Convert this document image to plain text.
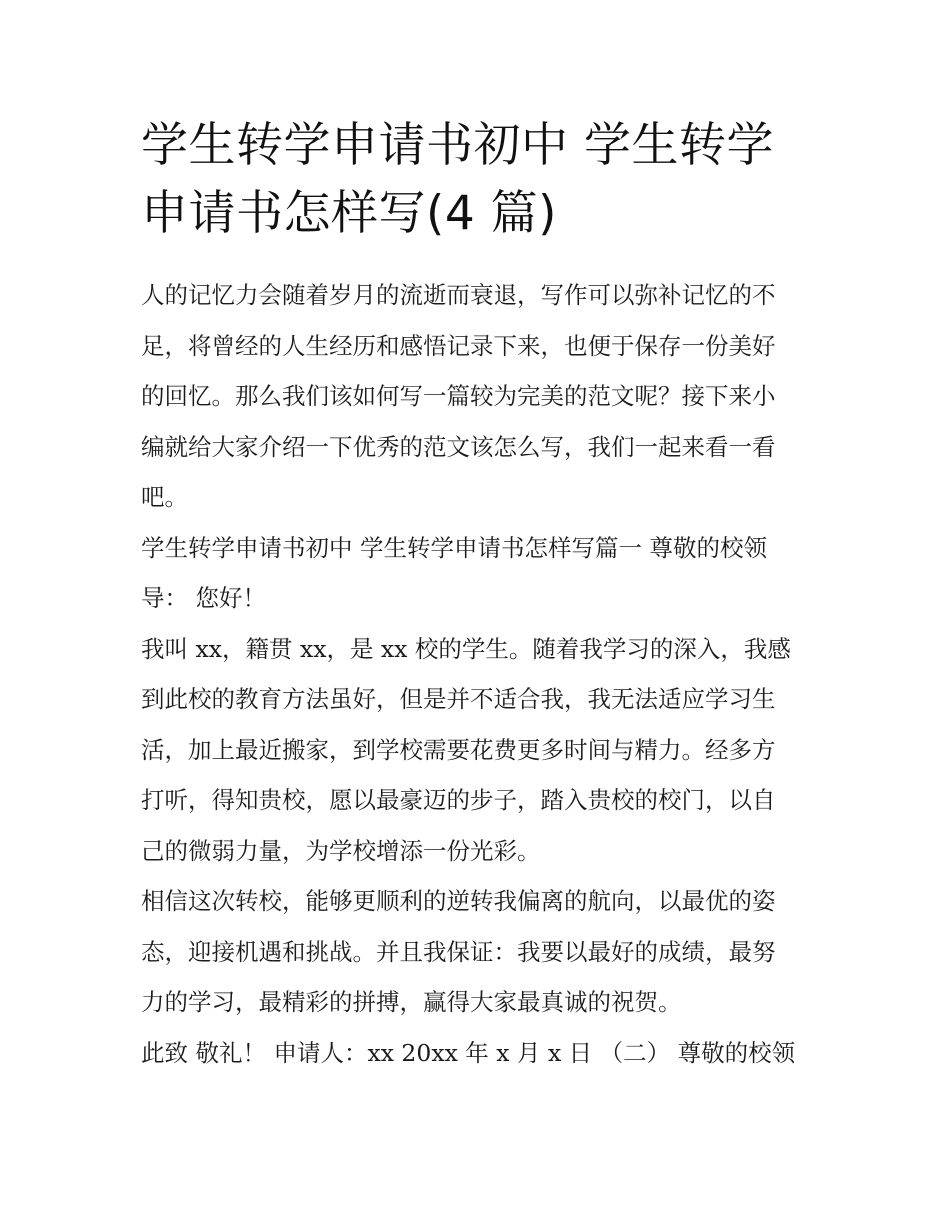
学生转学申请书初中 学生转学
申请书怎样写(4 篇)
人的记忆力会随着岁月的流逝而衰退，写作可以弥补记忆的不
足，将曾经的人生经历和感悟记录下来，也便于保存一份美好
的回忆。那么我们该如何写一篇较为完美的范文呢？接下来小
编就给大家介绍一下优秀的范文该怎么写，我们一起来看一看
吧。
学生转学申请书初中 学生转学申请书怎样写篇一 尊敬的校领
导： 您好！
我叫 xx，籍贯 xx，是 xx 校的学生。随着我学习的深入，我感
到此校的教育方法虽好，但是并不适合我，我无法适应学习生
活，加上最近搬家，到学校需要花费更多时间与精力。经多方
打听，得知贵校，愿以最豪迈的步子，踏入贵校的校门，以自
己的微弱力量，为学校增添一份光彩。
相信这次转校，能够更顺利的逆转我偏离的航向，以最优的姿
态，迎接机遇和挑战。并且我保证：我要以最好的成绩，最努
力的学习，最精彩的拼搏，赢得大家最真诚的祝贺。
此致 敬礼！ 申请人：xx 20xx 年 x 月 x 日 （二） 尊敬的校领
